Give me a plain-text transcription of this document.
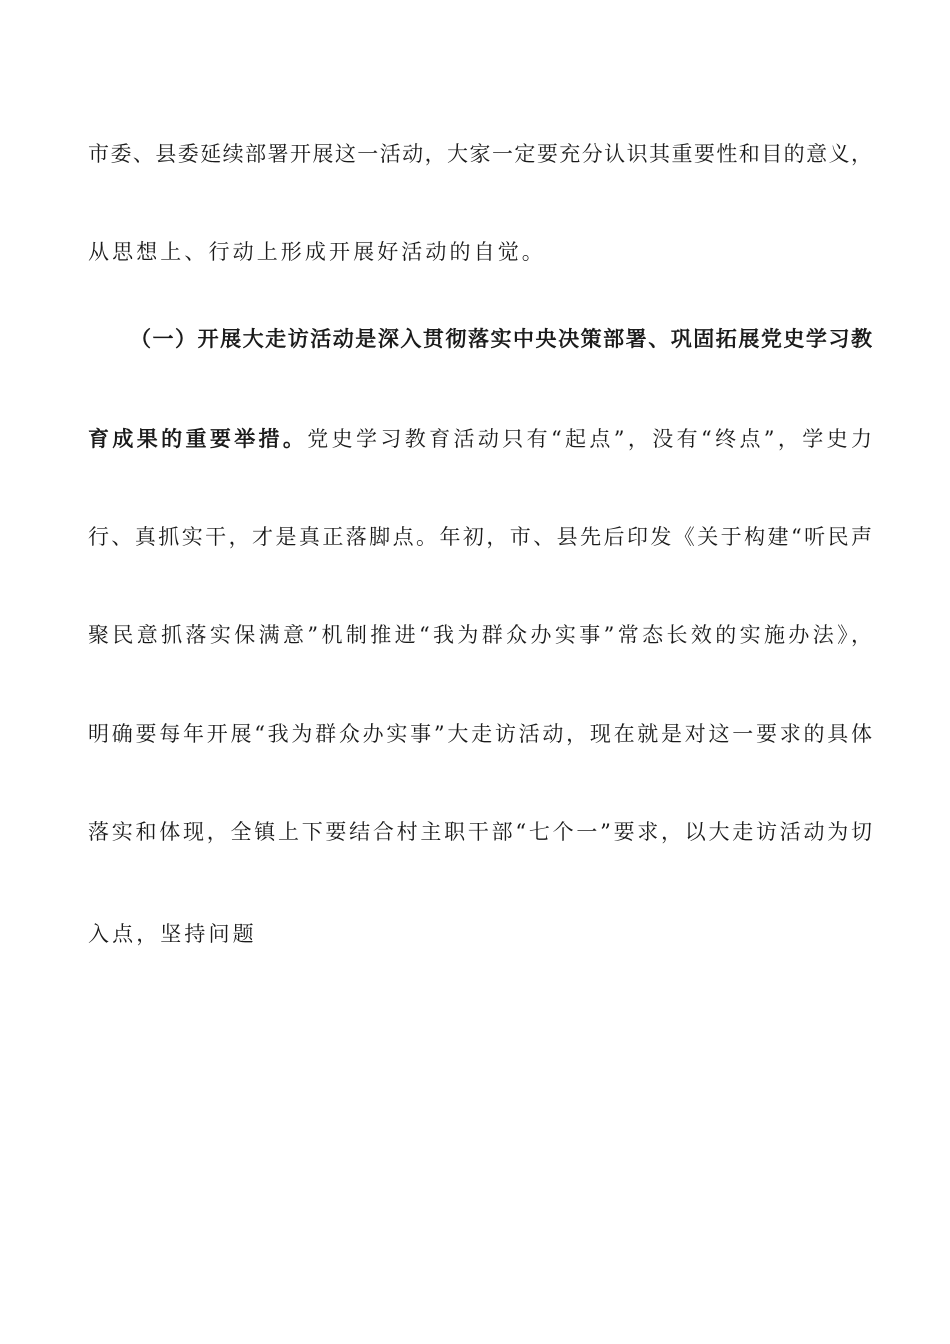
市委、县委延续部署开展这一活动，大家一定要充分认识其重要性和目的意义，
从思想上、行动上形成开展好活动的自觉。
（一）开展大走访活动是深入贯彻落实中央决策部署、巩固拓展党史学习教
育成果的重要举措。党史学习教育活动只有“起点”，没有“终点”，学史力
行、真抓实干，才是真正落脚点。年初，市、县先后印发《关于构建“听民声
聚民意抓落实保满意”机制推进“我为群众办实事”常态长效的实施办法》，
明确要每年开展“我为群众办实事”大走访活动，现在就是对这一要求的具体
落实和体现，全镇上下要结合村主职干部“七个一”要求，以大走访活动为切
入点，坚持问题
